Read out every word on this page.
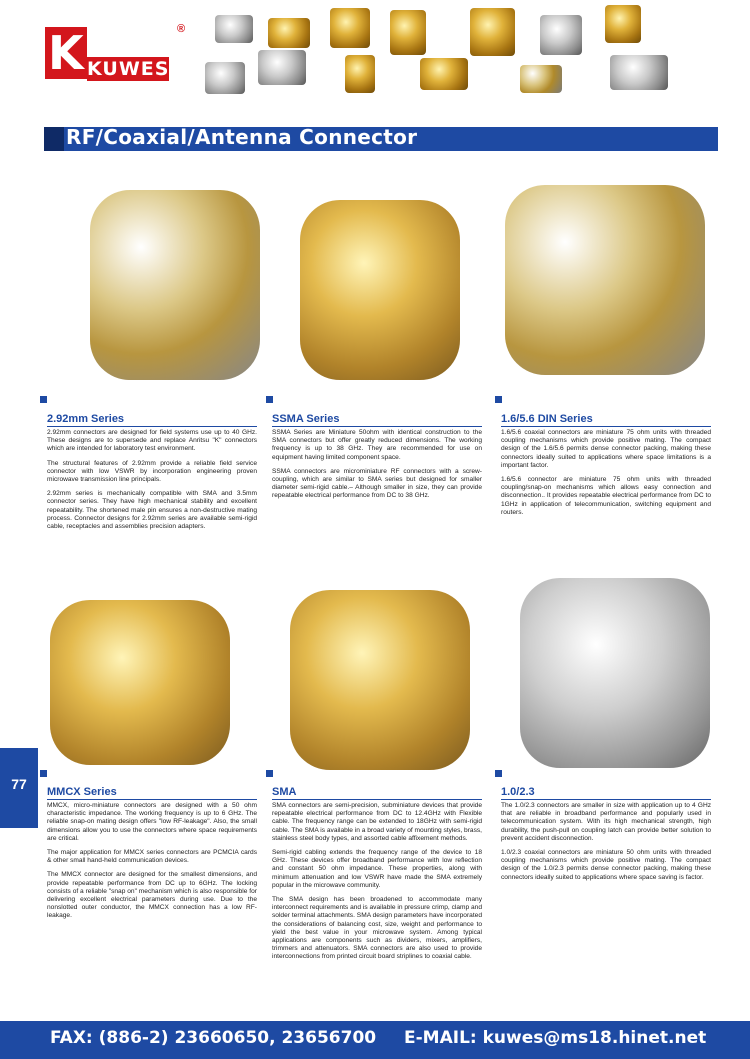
K KUWES
®
RF/Coaxial/Antenna Connector
2.92mm Series

2.92mm connectors are designed for field systems use up to 40 GHz. These designs are to supersede and replace Anritsu "K" connectors which are intended for laboratory test environment.

The structural features of 2.92mm provide a reliable field service connector with low VSWR by incorporation engineering proven microwave transmission line principals.

2.92mm series is mechanically compatible with SMA and 3.5mm connector series. They have high mechanical stability and excellent repeatability. The shortened male pin ensures a non-destructive mating process. Connector designs for 2.92mm series are available semi-rigid cable, receptacles and assemblies precision adapters.

SSMA Series

SSMA Series are Miniature 50ohm with identical construction to the SMA connectors but offer greatly reduced dimensions. The working frequency is up to 38 GHz. They are recommended for use on equipment having limited component space.

SSMA connectors are microminiature RF connectors with a screw-coupling, which are similar to SMA series but designed for smaller diameter semi-rigid cable.– Although smaller in size, they can provide repeatable electrical performance from DC to 38 GHz.

1.6/5.6 DIN Series

1.6/5.6 coaxial connectors are miniature 75 ohm units with threaded coupling mechanisms which provide positive mating. The compact design of the 1.6/5.6 permits dense connector packing, making these connectors ideally suited to applications where space limitations is a important factor.

1.6/5.6 connector are miniature 75 ohm units with threaded coupling/snap-on mechanisms which allows easy connection and disconnection.. It provides repeatable electrical performance from DC to 1GHz in application of telecommunication, switching equipment and routers.

MMCX Series

MMCX, micro-miniature connectors are designed with a 50 ohm characteristic impedance. The working frequency is up to 6 GHz. The reliable snap-on mating design offers "low RF-leakage". Also, the small dimensions allow you to use the connectors where space requirements are critical.

The major application for MMCX series connectors are PCMCIA cards & other small hand-held communication devices.

The MMCX connector are designed for the smallest dimensions, and provide repeatable performance from DC up to 6GHz. The locking consists of a reliable "snap on" mechanism which is also responsible for delivering excellent electrical parameters during use. Due to the nonslotted outer conductor, the MMCX connection has a low RF-leakage.

SMA

SMA connectors are semi-precision, subminiature devices that provide repeatable electrical performance from DC to 12.4GHz with Flexible cable. The frequency range can be extended to 18GHz with semi-rigid cable. The SMA is available in a broad variety of mounting styles, brass, stainless steel body types, and assorted cable affixement methods.

Semi-rigid cabling extends the frequency range of the device to 18 GHz. These devices offer broadband performance with low reflection and constant 50 ohm impedance. These properties, along with minimum attenuation and low VSWR have made the SMA extremely popular in the microwave community.

The SMA design has been broadened to accommodate many interconnect requirements and is available in pressure crimp, clamp and solder terminal attachments. SMA design parameters have incorporated the considerations of balancing cost, size, weight and performance to yield the best value in your microwave system. Among typical applications are components such as dividers, mixers, amplifiers, trimmers and attenuators. SMA connectors are also used to provide interconnections from printed circuit board striplines to coaxial cable.

1.0/2.3

The 1.0/2.3 connectors are smaller in size with application up to 4 GHz that are reliable in broadband performance and popularly used in telecommunication system. With its high mechanical strength, high durability, the push-pull on coupling latch can provide better solution to prevent accident disconnection.

1.0/2.3 coaxial connectors are miniature 50 ohm units with threaded coupling mechanisms which provide positive mating. The compact design of the 1.0/2.3 permits dense connector packing, making these connectors ideally suited to applications where space saving is factor.

77
FAX: (886-2) 23660650, 23656700 E-MAIL: kuwes@ms18.hinet.net
